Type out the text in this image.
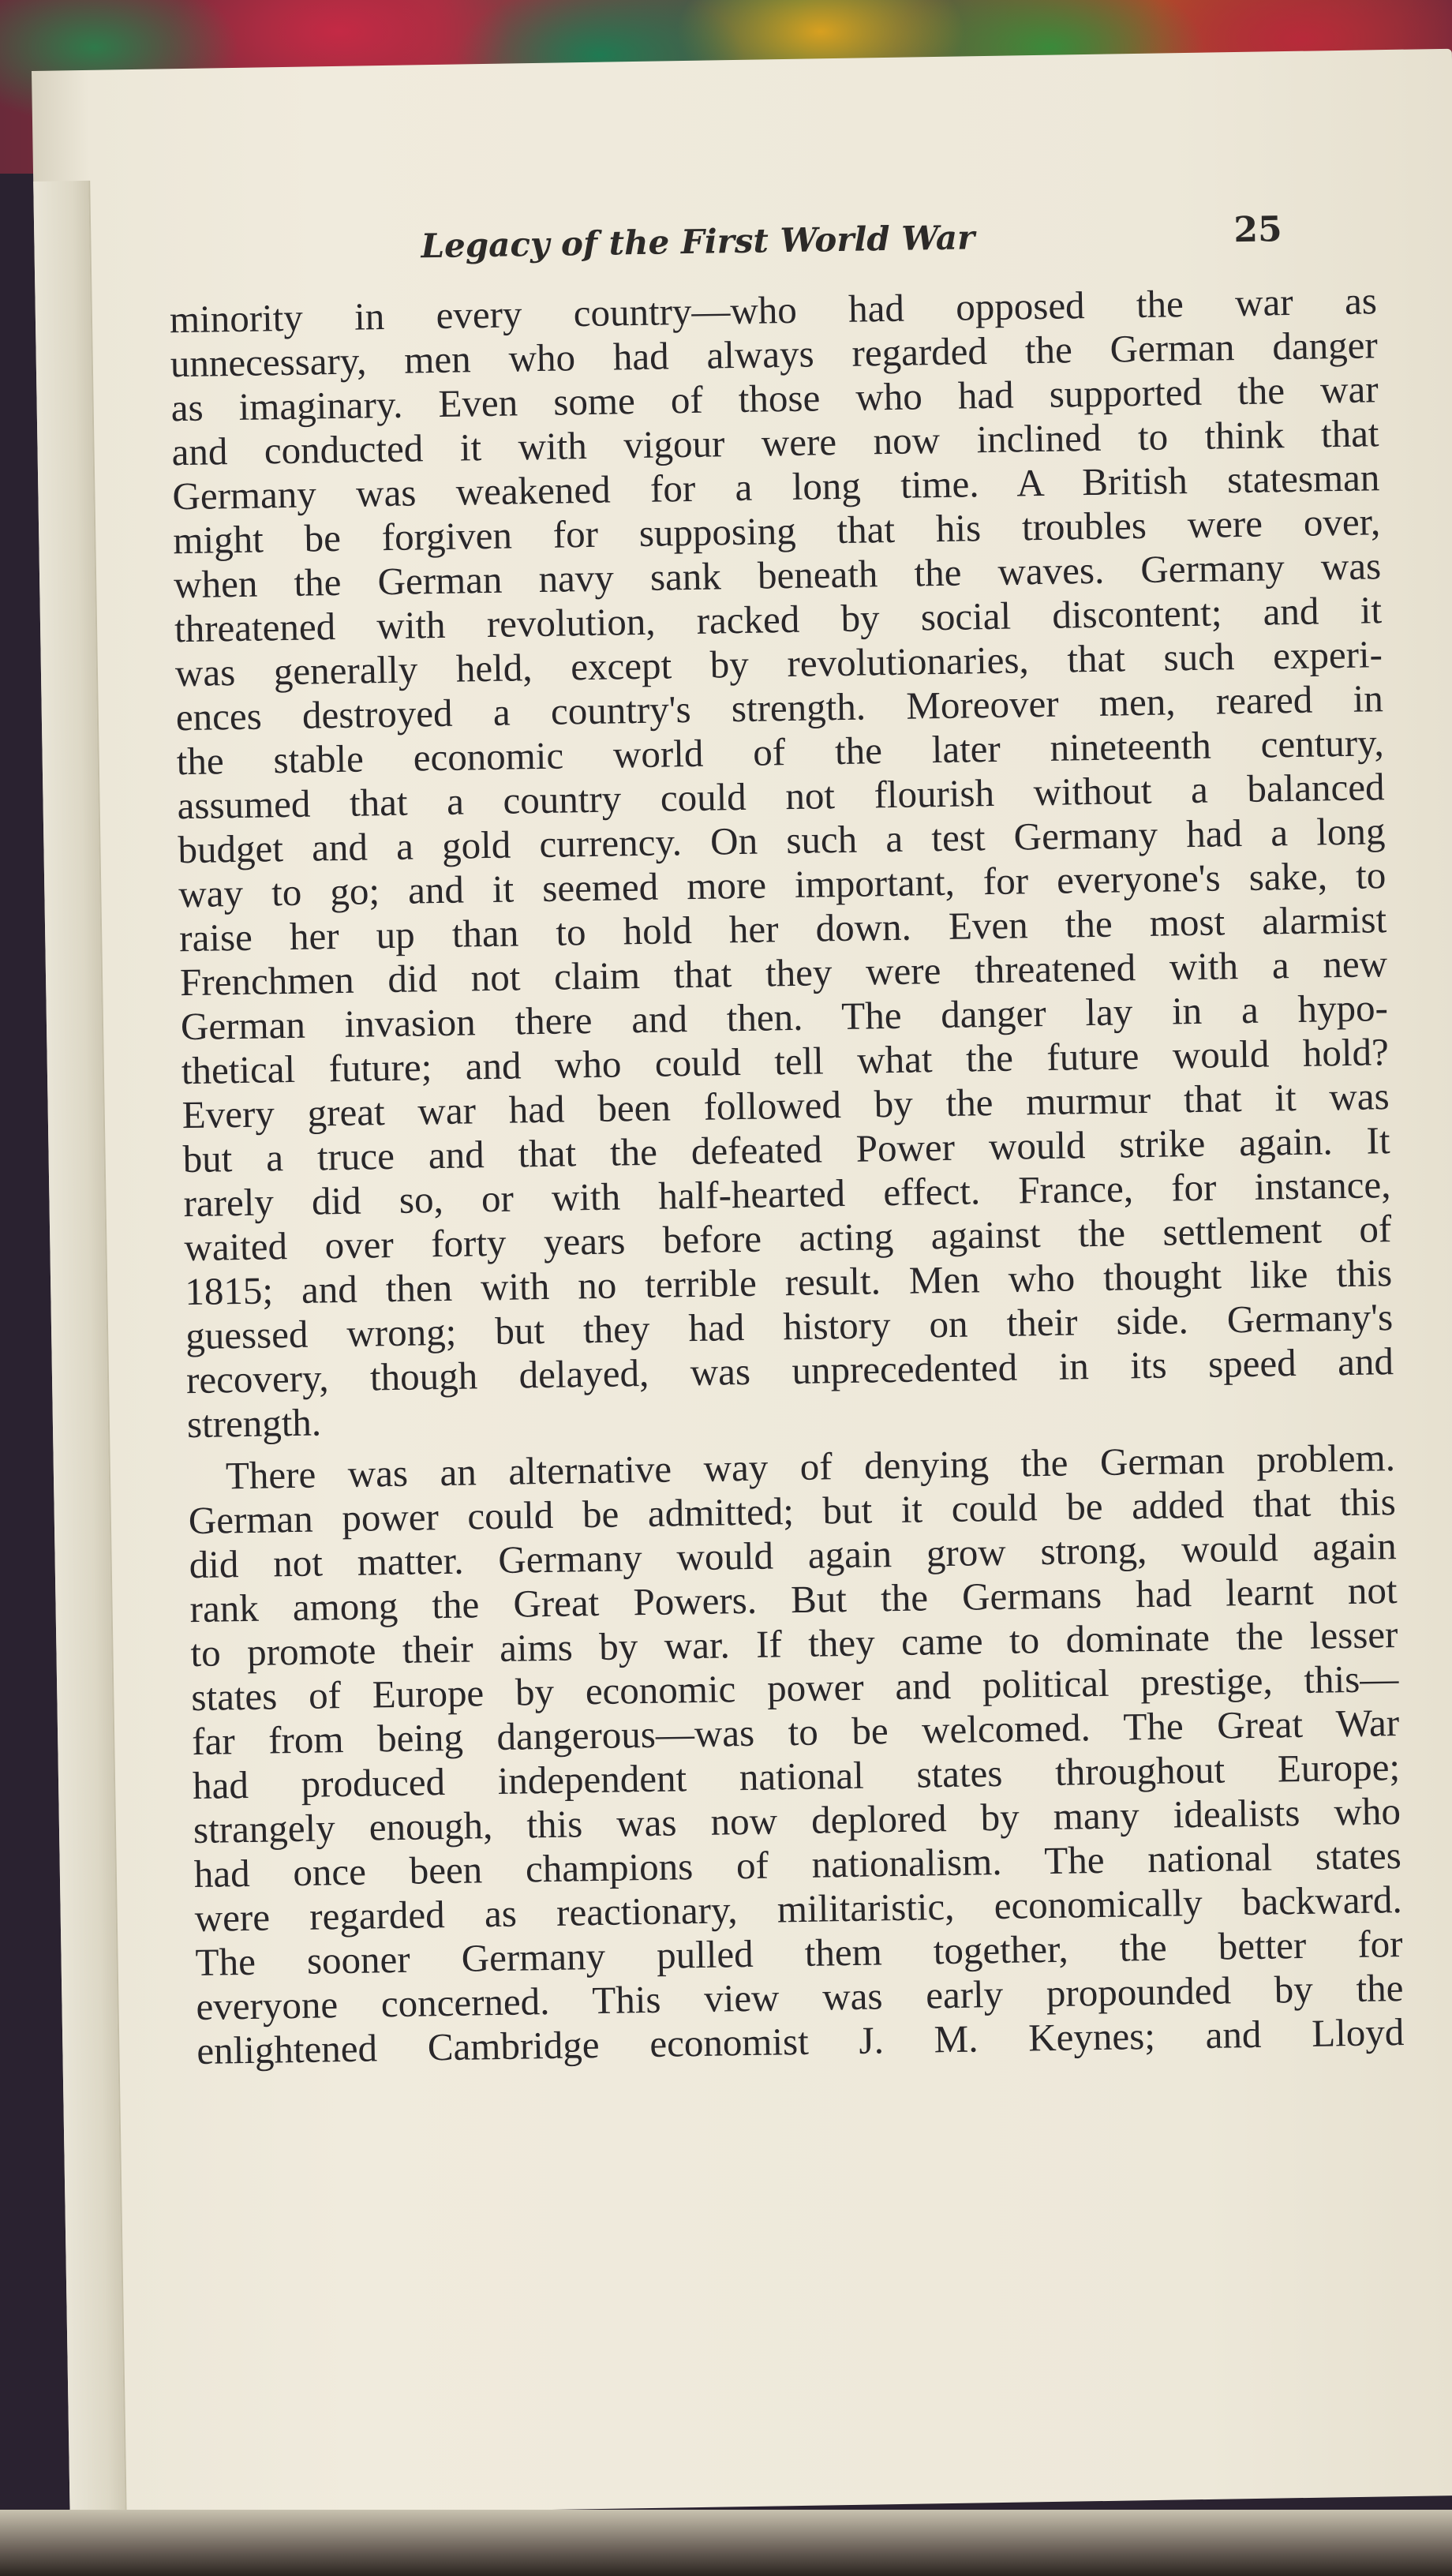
Legacy of the First World War	25
minority in every country—who had opposed the war as
unnecessary, men who had always regarded the German danger
as imaginary. Even some of those who had supported the war
and conducted it with vigour were now inclined to think that
Germany was weakened for a long time. A British statesman
might be forgiven for supposing that his troubles were over,
when the German navy sank beneath the waves. Germany was
threatened with revolution, racked by social discontent; and it
was generally held, except by revolutionaries, that such experi-
ences destroyed a country's strength. Moreover men, reared in
the stable economic world of the later nineteenth century,
assumed that a country could not flourish without a balanced
budget and a gold currency. On such a test Germany had a long
way to go; and it seemed more important, for everyone's sake, to
raise her up than to hold her down. Even the most alarmist
Frenchmen did not claim that they were threatened with a new
German invasion there and then. The danger lay in a hypo-
thetical future; and who could tell what the future would hold?
Every great war had been followed by the murmur that it was
but a truce and that the defeated Power would strike again. It
rarely did so, or with half-hearted effect. France, for instance,
waited over forty years before acting against the settlement of
1815; and then with no terrible result. Men who thought like this
guessed wrong; but they had history on their side. Germany's
recovery, though delayed, was unprecedented in its speed and
strength.
There was an alternative way of denying the German problem.
German power could be admitted; but it could be added that this
did not matter. Germany would again grow strong, would again
rank among the Great Powers. But the Germans had learnt not
to promote their aims by war. If they came to dominate the lesser
states of Europe by economic power and political prestige, this—
far from being dangerous—was to be welcomed. The Great War
had produced independent national states throughout Europe;
strangely enough, this was now deplored by many idealists who
had once been champions of nationalism. The national states
were regarded as reactionary, militaristic, economically backward.
The sooner Germany pulled them together, the better for
everyone concerned. This view was early propounded by the
enlightened Cambridge economist J. M. Keynes; and Lloyd
